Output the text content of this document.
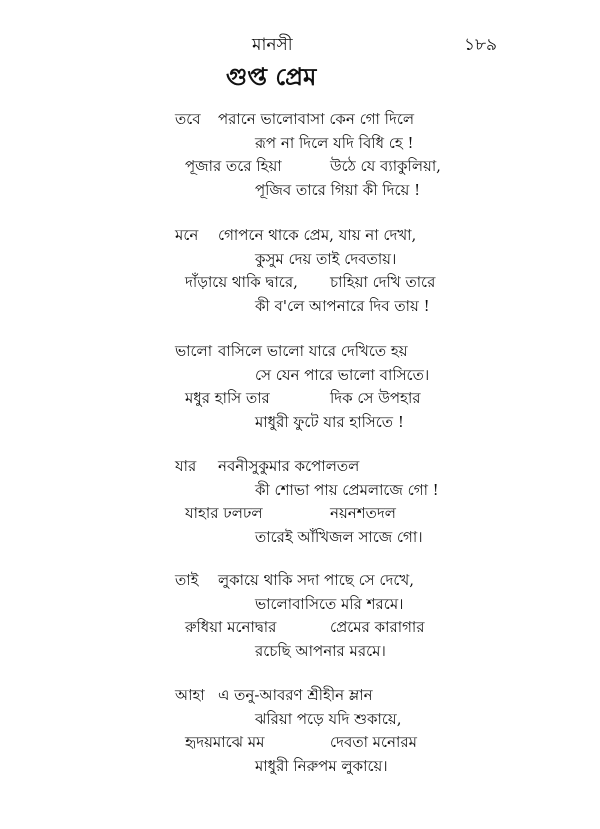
মানসী	১৮৯
গুপ্ত প্রেম
তবে পরানে ভালোবাসা কেন গো দিলে
রূপ না দিলে যদি বিধি হে !
পূজার তরে হিয়া	উঠে যে ব্যাকুলিয়া,
পূজিব তারে গিয়া কী দিয়ে !
মনে গোপনে থাকে প্রেম, যায় না দেখা,
কুসুম দেয় তাই দেবতায়।
দাঁড়ায়ে থাকি দ্বারে, চাহিয়া দেখি তারে
কী ব'লে আপনারে দিব তায় !
ভালো বাসিলে ভালো যারে দেখিতে হয়
সে যেন পারে ভালো বাসিতে।
মধুর হাসি তার	দিক সে উপহার
মাধুরী ফুটে যার হাসিতে !
যার নবনীসুকুমার কপোলতল
কী শোভা পায় প্রেমলাজে গো !
যাহার ঢলঢল	নয়নশতদল
তারেই আঁখিজল সাজে গো।
তাই লুকায়ে থাকি সদা পাছে সে দেখে,
ভালোবাসিতে মরি শরমে।
রুধিয়া মনোদ্বার	প্রেমের কারাগার
রচেছি আপনার মরমে।
আহা এ তনু-আবরণ শ্রীহীন ম্লান
ঝরিয়া পড়ে যদি শুকায়ে,
হৃদয়মাঝে মম	দেবতা মনোরম
মাধুরী নিরুপম লুকায়ে।
